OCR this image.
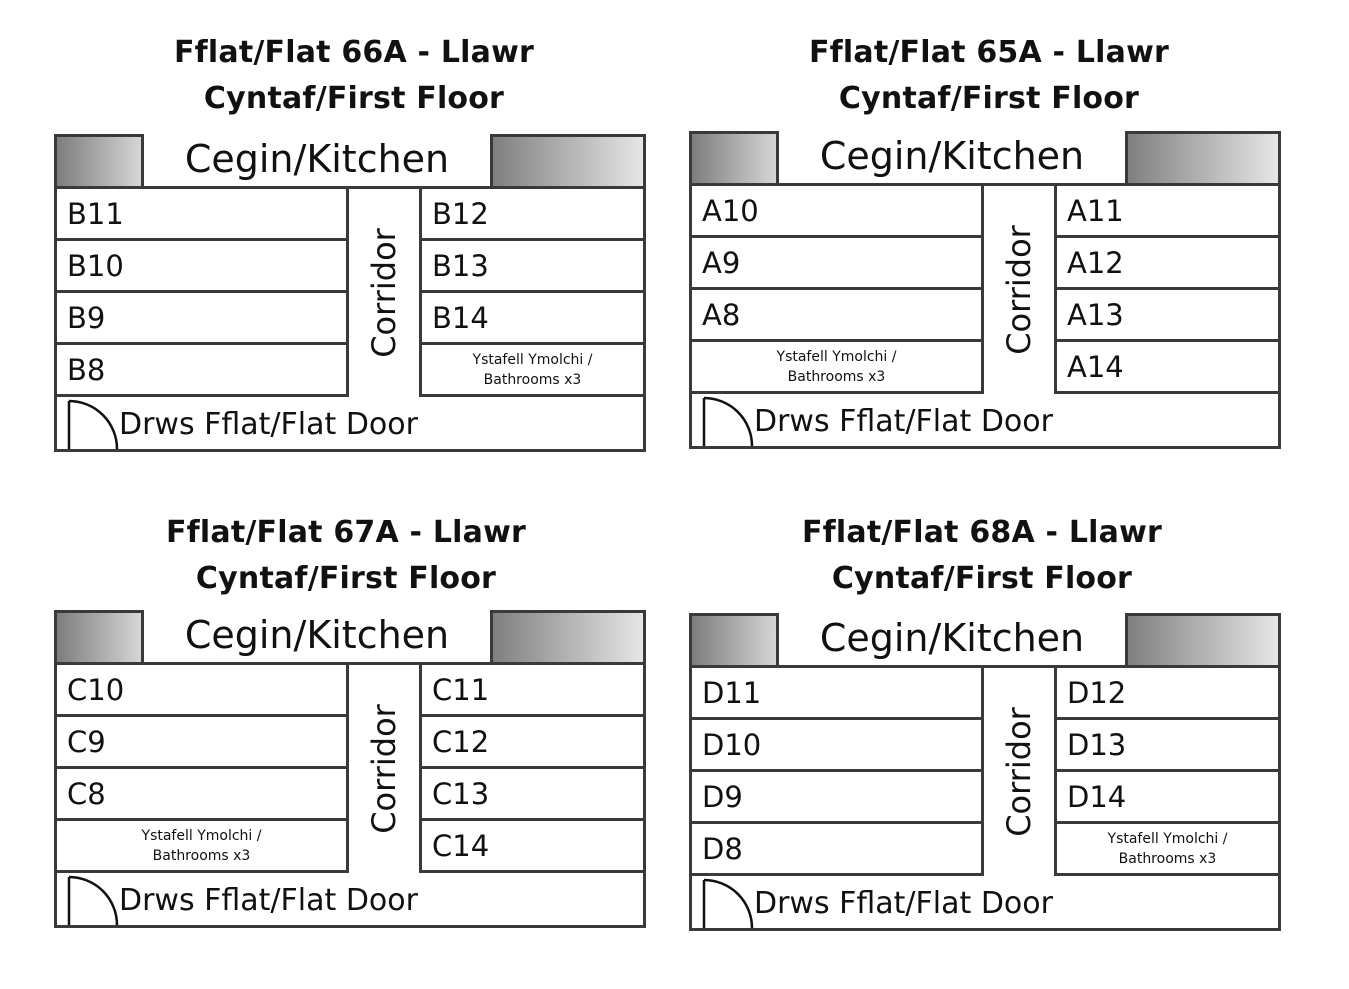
Fflat/Flat 66A - Llawr
Cyntaf/First Floor
Cegin/Kitchen
B11
B10
B9
B8
Corridor
B12
B13
B14
Ystafell Ymolchi /
Bathrooms x3
Drws Fflat/Flat Door
Fflat/Flat 65A - Llawr
Cyntaf/First Floor
Cegin/Kitchen
A10
A9
A8
Ystafell Ymolchi /
Bathrooms x3
Corridor
A11
A12
A13
A14
Drws Fflat/Flat Door
Fflat/Flat 67A - Llawr
Cyntaf/First Floor
Cegin/Kitchen
C10
C9
C8
Ystafell Ymolchi /
Bathrooms x3
Corridor
C11
C12
C13
C14
Drws Fflat/Flat Door
Fflat/Flat 68A - Llawr
Cyntaf/First Floor
Cegin/Kitchen
D11
D10
D9
D8
Corridor
D12
D13
D14
Ystafell Ymolchi /
Bathrooms x3
Drws Fflat/Flat Door
